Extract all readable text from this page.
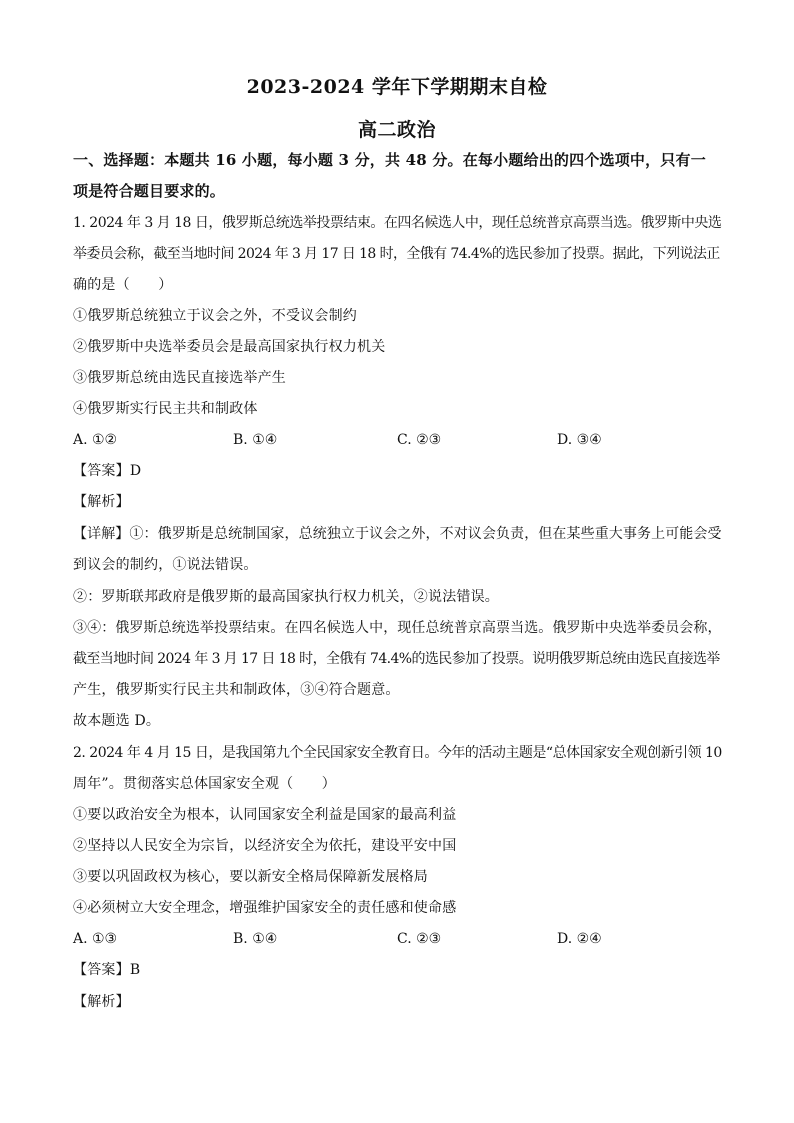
2023-2024 学年下学期期末自检
高二政治
一、选择题：本题共 16 小题，每小题 3 分，共 48 分。在每小题给出的四个选项中，只有一
项是符合题目要求的。
1. 2024 年 3 月 18 日，俄罗斯总统选举投票结束。在四名候选人中，现任总统普京高票当选。俄罗斯中央选
举委员会称，截至当地时间 2024 年 3 月 17 日 18 时，全俄有 74.4%的选民参加了投票。据此，下列说法正
确的是（　　）
①俄罗斯总统独立于议会之外，不受议会制约
②俄罗斯中央选举委员会是最高国家执行权力机关
③俄罗斯总统由选民直接选举产生
④俄罗斯实行民主共和制政体
A. ①②	B. ①④	C. ②③	D. ③④
【答案】D
【解析】
【详解】①：俄罗斯是总统制国家，总统独立于议会之外，不对议会负责，但在某些重大事务上可能会受
到议会的制约，①说法错误。
②：罗斯联邦政府是俄罗斯的最高国家执行权力机关，②说法错误。
③④：俄罗斯总统选举投票结束。在四名候选人中，现任总统普京高票当选。俄罗斯中央选举委员会称，
截至当地时间 2024 年 3 月 17 日 18 时，全俄有 74.4%的选民参加了投票。说明俄罗斯总统由选民直接选举
产生，俄罗斯实行民主共和制政体，③④符合题意。
故本题选 D。
2. 2024 年 4 月 15 日，是我国第九个全民国家安全教育日。今年的活动主题是“总体国家安全观创新引领 10
周年”。贯彻落实总体国家安全观（　　）
①要以政治安全为根本，认同国家安全利益是国家的最高利益
②坚持以人民安全为宗旨，以经济安全为依托，建设平安中国
③要以巩固政权为核心，要以新安全格局保障新发展格局
④必须树立大安全理念，增强维护国家安全的责任感和使命感
A. ①③	B. ①④	C. ②③	D. ②④
【答案】B
【解析】
